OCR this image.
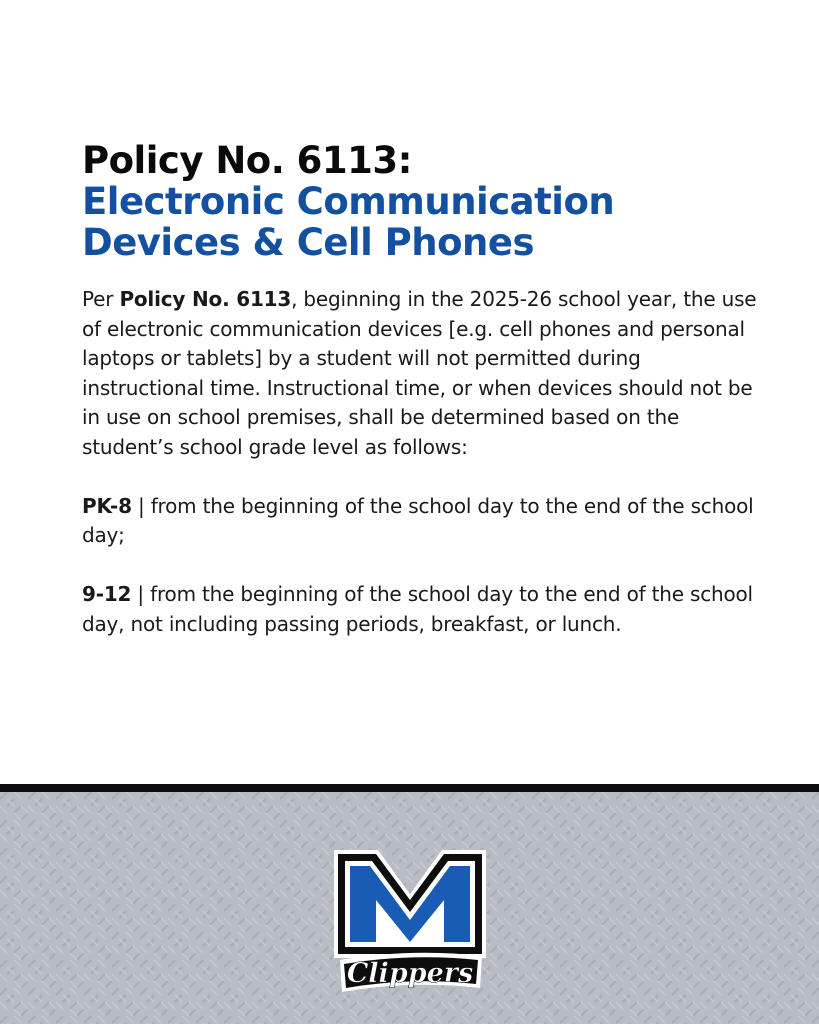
Policy No. 6113:
Electronic Communication
Devices & Cell Phones

Per Policy No. 6113, beginning in the 2025-26 school year, the use of electronic communication devices [e.g. cell phones and personal laptops or tablets] by a student will not permitted during instructional time. Instructional time, or when devices should not be in use on school premises, shall be determined based on the student’s school grade level as follows:

PK-8 | from the beginning of the school day to the end of the school day;

9-12 | from the beginning of the school day to the end of the school day, not including passing periods, breakfast, or lunch.

Clippers
